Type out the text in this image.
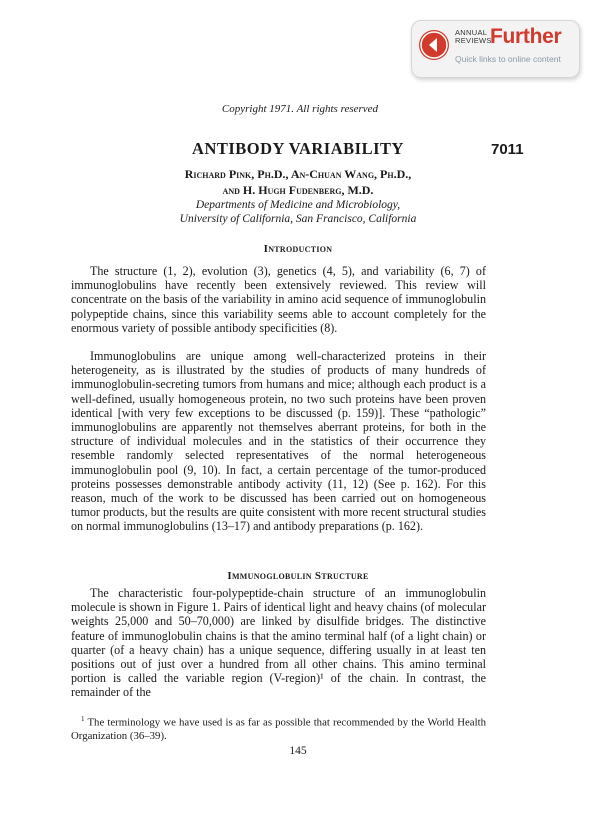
ANNUAL
REVIEWS
Further
Quick links to online content
Copyright 1971. All rights reserved
ANTIBODY VARIABILITY	7011
Richard Pink, Ph.D., An-Chuan Wang, Ph.D.,
and H. Hugh Fudenberg, M.D.
Departments of Medicine and Microbiology,
University of California, San Francisco, California
Introduction

The structure (1, 2), evolution (3), genetics (4, 5), and variability (6, 7) of immunoglobulins have recently been extensively reviewed. This review will concentrate on the basis of the variability in amino acid sequence of immunoglobulin polypeptide chains, since this variability seems able to account completely for the enormous variety of possible antibody specificities (8).

Immunoglobulins are unique among well-characterized proteins in their heterogeneity, as is illustrated by the studies of products of many hundreds of immunoglobulin-secreting tumors from humans and mice; although each product is a well-defined, usually homogeneous protein, no two such proteins have been proven identical [with very few exceptions to be discussed (p. 159)]. These “pathologic” immunoglobulins are apparently not themselves aberrant proteins, for both in the structure of individual molecules and in the statistics of their occurrence they resemble randomly selected representatives of the normal heterogeneous immunoglobulin pool (9, 10). In fact, a certain percentage of the tumor-produced proteins possesses demonstrable antibody activity (11, 12) (See p. 162). For this reason, much of the work to be discussed has been carried out on homogeneous tumor products, but the results are quite consistent with more recent structural studies on normal immunoglobulins (13–17) and antibody preparations (p. 162).

Immunoglobulin Structure

The characteristic four-polypeptide-chain structure of an immunoglobulin molecule is shown in Figure 1. Pairs of identical light and heavy chains (of molecular weights 25,000 and 50–70,000) are linked by disulfide bridges. The distinctive feature of immunoglobulin chains is that the amino terminal half (of a light chain) or quarter (of a heavy chain) has a unique sequence, differing usually in at least ten positions out of just over a hundred from all other chains. This amino terminal portion is called the variable region (V-region)¹ of the chain. In contrast, the remainder of the

$^1$ The terminology we have used is as far as possible that recommended by the World Health Organization (36–39).
145
